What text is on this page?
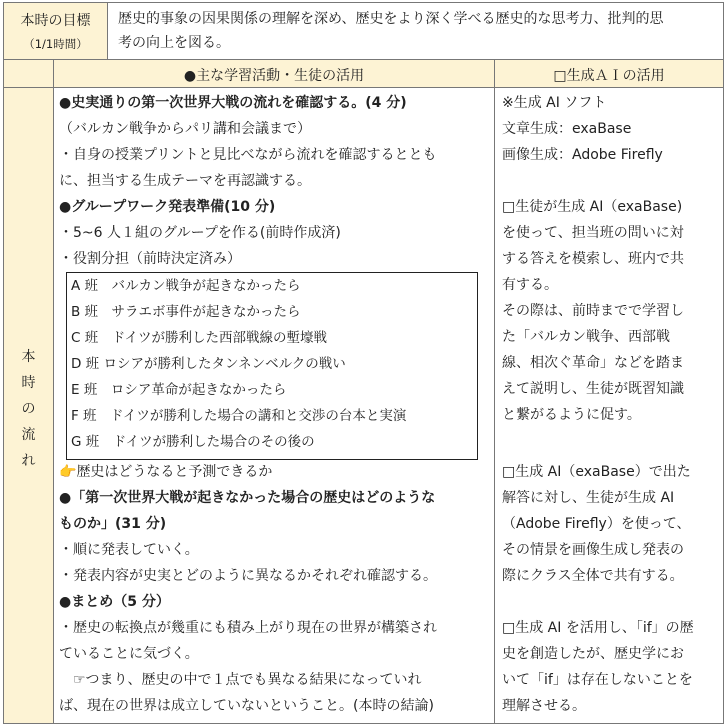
本時の目標
（1/1時間）
歴史的事象の因果関係の理解を深め、歴史をより深く学べる歴史的な思考力、批判的思
考の向上を図る。
●主な学習活動・生徒の活用	□生成ＡＩの活用
本
時
の
流
れ
●史実通りの第一次世界大戦の流れを確認する。(4 分)
（バルカン戦争からパリ講和会議まで）
・自身の授業プリントと見比べながら流れを確認するととも
に、担当する生成テーマを再認識する。
●グループワーク発表準備(10 分)
・5~6 人１組のグループを作る(前時作成済)
・役割分担（前時決定済み）
A 班　バルカン戦争が起きなかったら
B 班　サラエボ事件が起きなかったら
C 班　ドイツが勝利した西部戦線の塹壕戦
D 班 ロシアが勝利したタンネンベルクの戦い
E 班　ロシア革命が起きなかったら
F 班　ドイツが勝利した場合の講和と交渉の台本と実演
G 班　ドイツが勝利した場合のその後の
👉歴史はどうなると予測できるか
●「第一次世界大戦が起きなかった場合の歴史はどのような
ものか」(31 分)
・順に発表していく。
・発表内容が史実とどのように異なるかそれぞれ確認する。
●まとめ（5 分）
・歴史の転換点が幾重にも積み上がり現在の世界が構築され
ていることに気づく。
　☞つまり、歴史の中で１点でも異なる結果になっていれ
ば、現在の世界は成立していないということ。(本時の結論)
※生成 AI ソフト
文章生成：exaBase
画像生成：Adobe Firefly
□生徒が生成 AI（exaBase)
を使って、担当班の問いに対
する答えを模索し、班内で共
有する。
その際は、前時までで学習し
た「バルカン戦争、西部戦
線、相次ぐ革命」などを踏ま
えて説明し、生徒が既習知識
と繋がるように促す。
□生成 AI（exaBase）で出た
解答に対し、生徒が生成 AI
（Adobe Firefly）を使って、
その情景を画像生成し発表の
際にクラス全体で共有する。
□生成 AI を活用し、「if」の歴
史を創造したが、歴史学にお
いて「if」は存在しないことを
理解させる。
